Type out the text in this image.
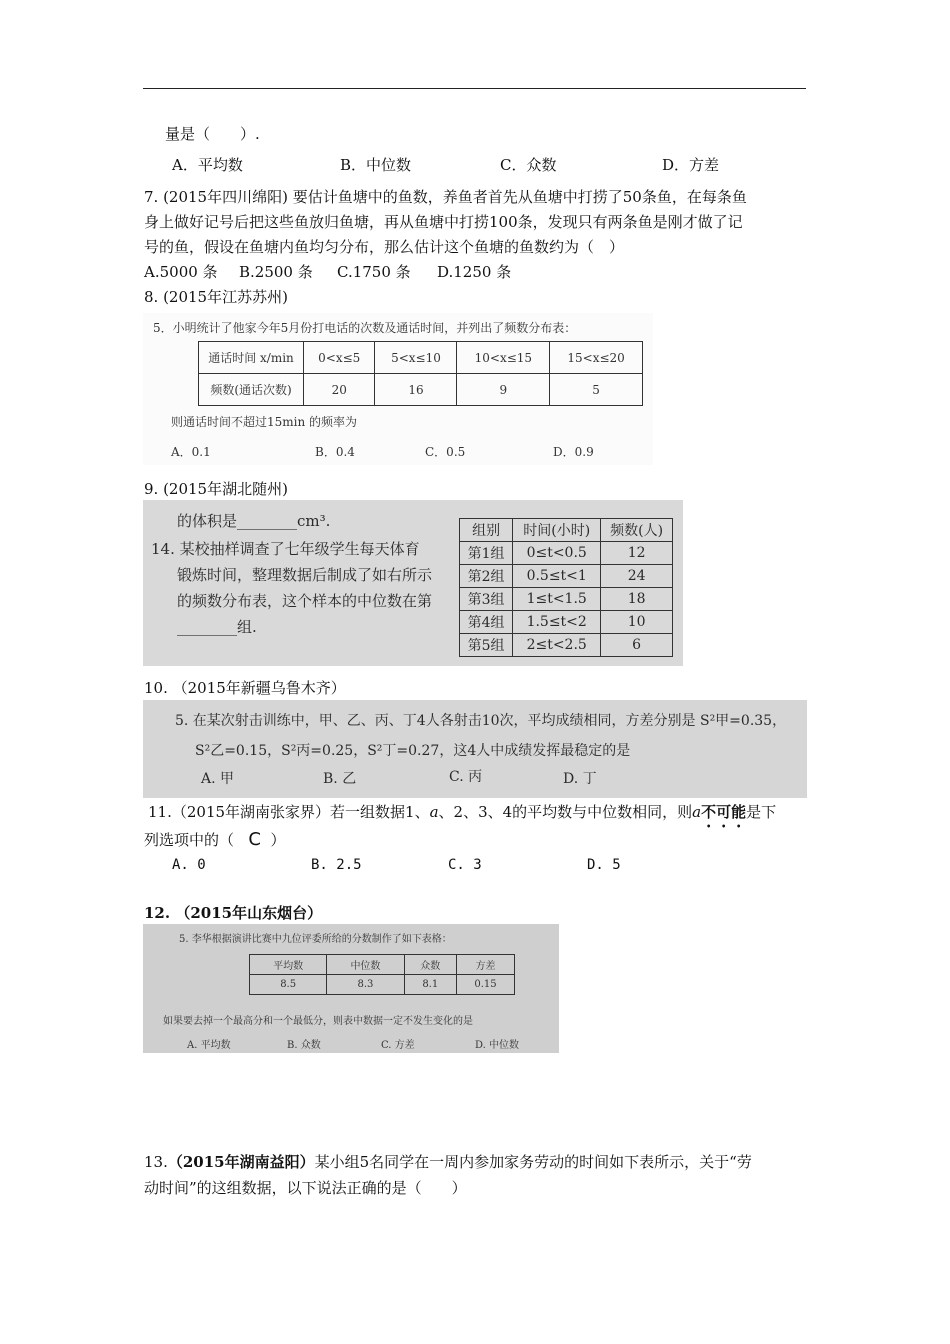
量是（　　）.
A．平均数	B．中位数	C．众数	D．方差
7. (2015年四川绵阳) 要估计鱼塘中的鱼数，养鱼者首先从鱼塘中打捞了50条鱼，在每条鱼
身上做好记号后把这些鱼放归鱼塘，再从鱼塘中打捞100条，发现只有两条鱼是刚才做了记
号的鱼，假设在鱼塘内鱼均匀分布，那么估计这个鱼塘的鱼数约为（　）
A.5000 条 B.2500 条 C.1750 条 D.1250 条
8. (2015年江苏苏州)
5．小明统计了他家今年5月份打电话的次数及通话时间，并列出了频数分布表：
通话时间 x/min	0<x≤5	5<x≤10	10<x≤15	15<x≤20
频数(通话次数)	20	16	9	5
则通话时间不超过15min 的频率为
A．0.1	B．0.4	C．0.5	D．0.9
9. (2015年湖北随州)
的体积是________cm³.
14. 某校抽样调查了七年级学生每天体育
锻炼时间，整理数据后制成了如右所示
的频数分布表，这个样本的中位数在第
________组.
组别	时间(小时)	频数(人)
第1组	0≤t<0.5	12
第2组	0.5≤t<1	24
第3组	1≤t<1.5	18
第4组	1.5≤t<2	10
第5组	2≤t<2.5	6
10. （2015年新疆乌鲁木齐）
5. 在某次射击训练中，甲、乙、丙、丁4人各射击10次，平均成绩相同，方差分别是 S²甲=0.35，
S²乙=0.15，S²丙=0.25，S²丁=0.27，这4人中成绩发挥最稳定的是
A. 甲	B. 乙	C. 丙	D. 丁
11.（2015年湖南张家界）若一组数据1、a、2、3、4的平均数与中位数相同，则a不可能是下
列选项中的（ C ）
A. 0	B. 2.5	C. 3	D. 5
12. （2015年山东烟台）
5. 李华根据演讲比赛中九位评委所给的分数制作了如下表格：
平均数	中位数	众数	方差
8.5	8.3	8.1	0.15
如果要去掉一个最高分和一个最低分，则表中数据一定不发生变化的是
A. 平均数	B. 众数	C. 方差	D. 中位数
13.（2015年湖南益阳）某小组5名同学在一周内参加家务劳动的时间如下表所示，关于“劳
动时间”的这组数据，以下说法正确的是（　　）
